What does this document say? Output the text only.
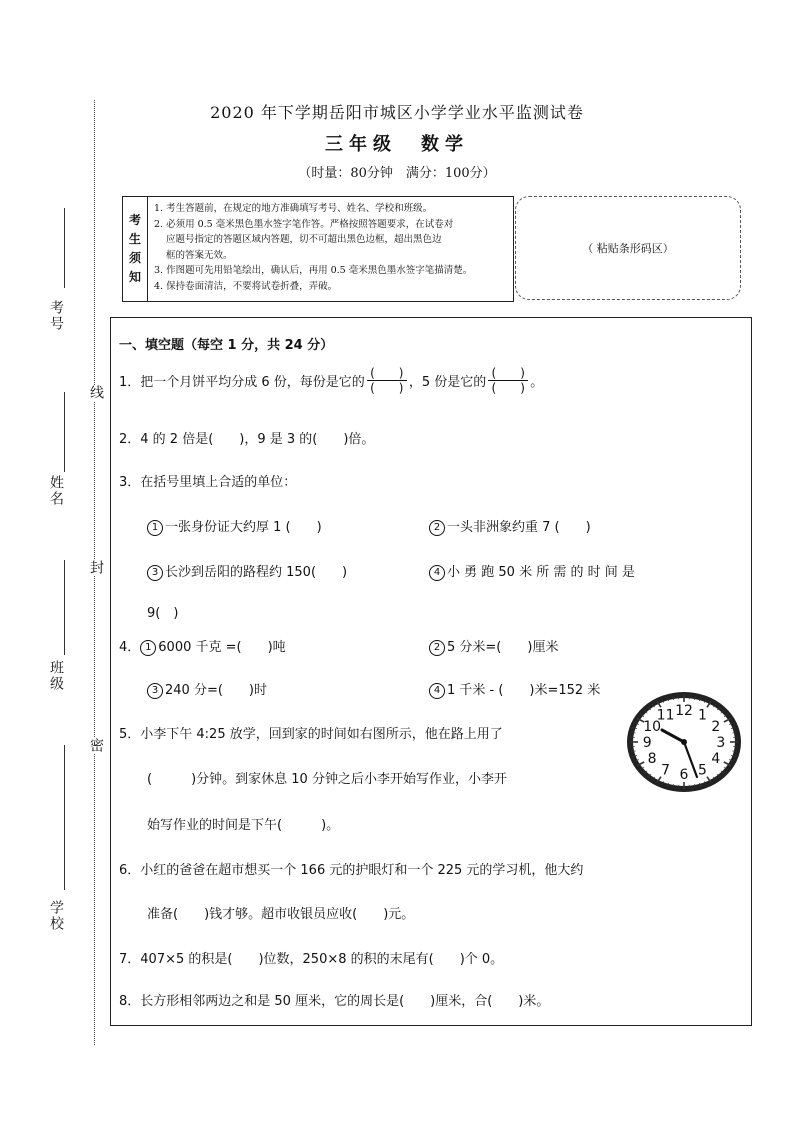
考号
姓名
班级
学校
线
封
密
2020 年下学期岳阳市城区小学学业水平监测试卷
三年级　数学
（时量：80分钟　满分：100分）
考
生
须
知
1. 考生答题前，在规定的地方准确填写考号、姓名、学校和班级。
2. 必须用 0.5 毫米黑色墨水签字笔作答。严格按照答题要求，在试卷对
应题号指定的答题区域内答题，切不可超出黑色边框，超出黑色边
框的答案无效。
3. 作图题可先用铅笔绘出，确认后，再用 0.5 毫米黑色墨水签字笔描清楚。
4. 保持卷面清洁，不要将试卷折叠，弄破。
（ 粘贴条形码区）
一、填空题（每空 1 分，共 24 分）
1．把一个月饼平均分成 6 份，每份是它的 $\frac{( )}{( )}$ ，5 份是它的 $\frac{( )}{( )}$ 。
2．4 的 2 倍是(　　)，9 是 3 的(　　)倍。
3．在括号里填上合适的单位：
1 一张身份证大约厚 1 (　　)	2 一头非洲象约重 7 (　　)
3 长沙到岳阳的路程约 150(　　)	4 小 勇 跑 50 米 所 需 的 时 间 是
9(　)
4． 1 6000 千克 =(　　)吨	2 5 分米=(　　)厘米
3 240 分=(　　)时	4 1 千米 - (　　)米=152 米
5．小李下午 4:25 放学，回到家的时间如右图所示，他在路上用了
(　　　)分钟。到家休息 10 分钟之后小李开始写作业，小李开
始写作业的时间是下午(　　　)。
6．小红的爸爸在超市想买一个 166 元的护眼灯和一个 225 元的学习机，他大约
准备(　　)钱才够。超市收银员应收(　　)元。
7．407×5 的积是(　　)位数，250×8 的积的末尾有(　　)个 0。
8．长方形相邻两边之和是 50 厘米，它的周长是(　　)厘米，合(　　)米。
12 1
2
3
4
5
6
7
8
9
10
11
